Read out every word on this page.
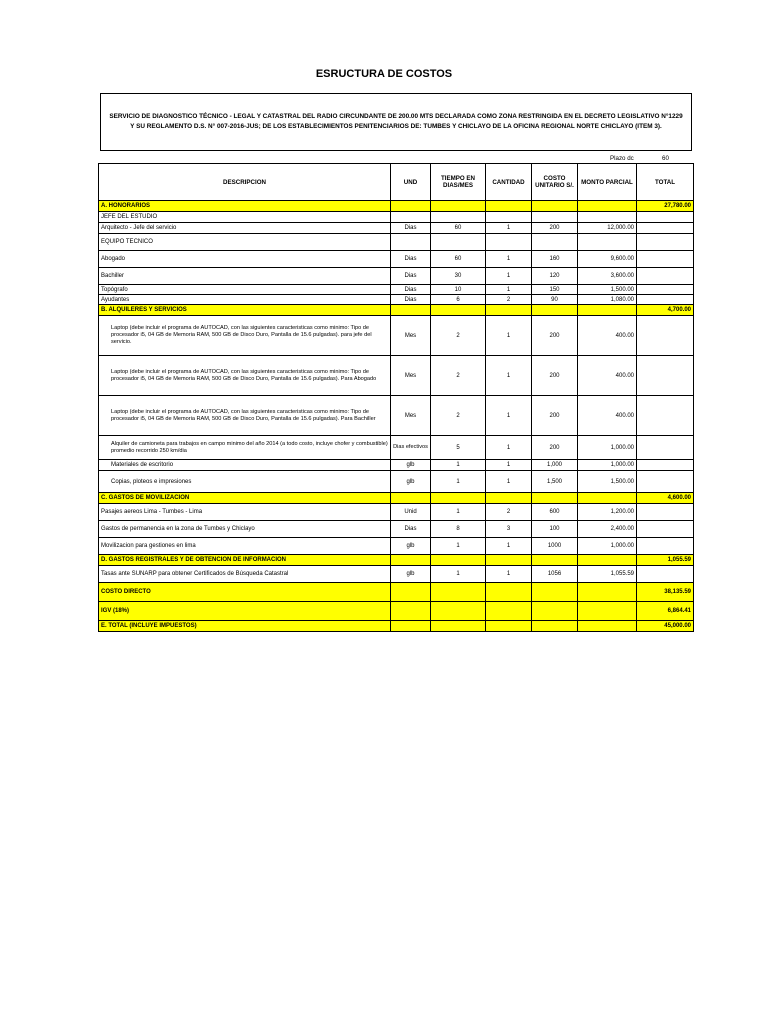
ESRUCTURA DE COSTOS
SERVICIO DE DIAGNOSTICO TÉCNICO - LEGAL Y CATASTRAL DEL RADIO CIRCUNDANTE DE 200.00 MTS DECLARADA COMO ZONA RESTRINGIDA EN EL DECRETO LEGISLATIVO N°1229 Y SU REGLAMENTO D.S. N° 007-2016-JUS; DE LOS ESTABLECIMIENTOS PENITENCIARIOS DE: TUMBES Y CHICLAYO DE LA OFICINA REGIONAL NORTE CHICLAYO (ITEM 3).
Plazo dc	60
DESCRIPCION	UND	TIEMPO EN DIAS/MES	CANTIDAD	COSTO UNITARIO S/.	MONTO PARCIAL	TOTAL
A. HONORARIOS						27,780.00
JEFE DEL ESTUDIO						
Arquitecto - Jefe del servicio	Dias	60	1	200	12,000.00	
EQUIPO TECNICO						
Abogado	Dias	60	1	160	9,600.00	
Bachiller	Dias	30	1	120	3,600.00	
Topógrafo	Dias	10	1	150	1,500.00	
Ayudantes	Dias	6	2	90	1,080.00	
B. ALQUILERES Y SERVICIOS						4,700.00
Laptop (debe incluir el programa de AUTOCAD, con las siguientes caracteristicas como minimo: Tipo de procesador i5, 04 GB de Memoria RAM, 500 GB de Disco Duro, Pantalla de 15.6 pulgadas). para jefe del servicio.	Mes	2	1	200	400.00	
Laptop (debe incluir el programa de AUTOCAD, con las siguientes caracteristicas como minimo: Tipo de procesador i5, 04 GB de Memoria RAM, 500 GB de Disco Duro, Pantalla de 15.6 pulgadas). Para Abogado	Mes	2	1	200	400.00	
Laptop (debe incluir el programa de AUTOCAD, con las siguientes caracteristicas como minimo: Tipo de procesador i5, 04 GB de Memoria RAM, 500 GB de Disco Duro, Pantalla de 15.6 pulgadas). Para Bachiller	Mes	2	1	200	400.00	
Alquiler de camioneta para trabajos en campo minimo del año 2014 (a todo costo, incluye chofer y combustible) promedio recorrido 250 km/dia	Dias efectivos	5	1	200	1,000.00	
Materiales de escritorio	glb	1	1	1,000	1,000.00	
Copias, ploteos e impresiones	glb	1	1	1,500	1,500.00	
C. GASTOS DE MOVILIZACION						4,600.00
Pasajes aereos Lima - Tumbes - Lima	Unid	1	2	600	1,200.00	
Gastos de permanencia en la zona de Tumbes y Chiclayo	Dias	8	3	100	2,400.00	
Movilizacion para gestiones en lima	glb	1	1	1000	1,000.00	
D. GASTOS REGISTRALES Y DE OBTENCION DE INFORMACION						1,055.59
Tasas ante SUNARP para obtener Certificados de Búsqueda Catastral	glb	1	1	1056	1,055.59	
COSTO DIRECTO						38,135.59
IGV (18%)						6,864.41
E. TOTAL (INCLUYE IMPUESTOS)						45,000.00
